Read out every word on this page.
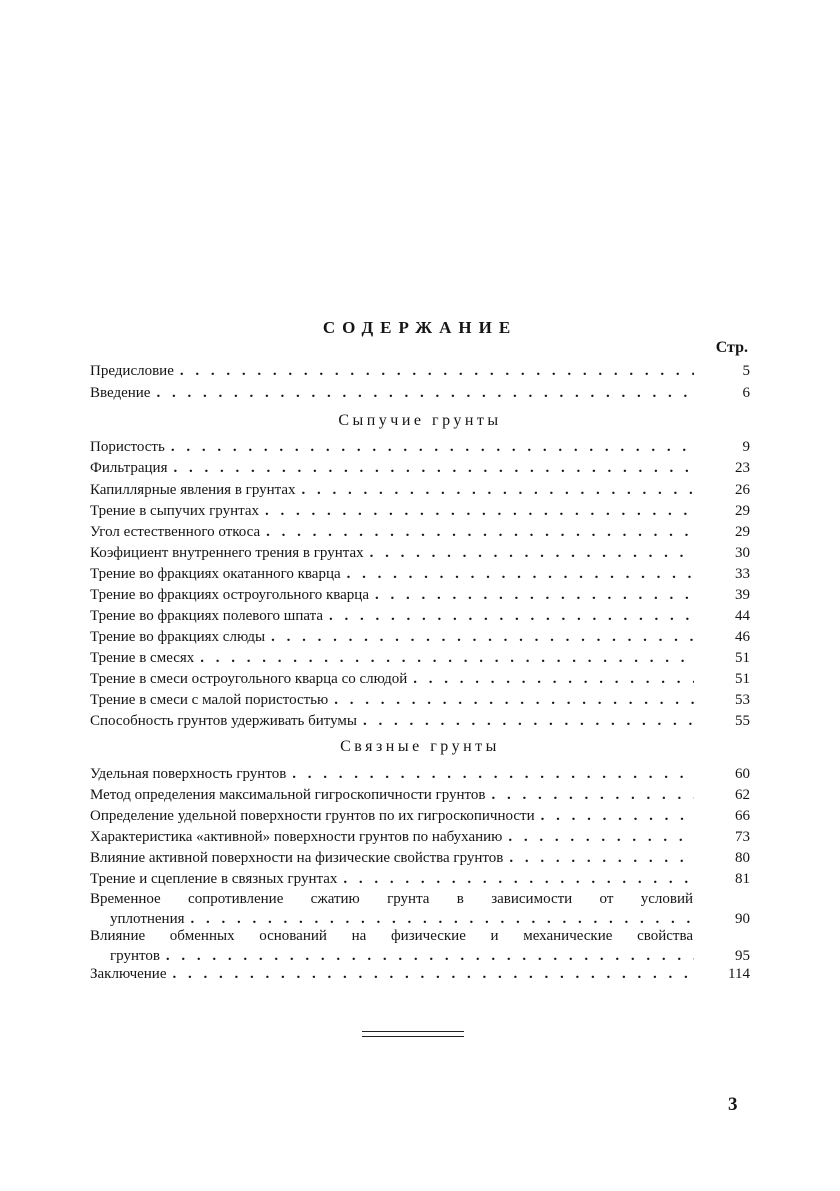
СОДЕРЖАНИЕ
Стр.
Предисловие . . .	5
Введение . . .	6
Сыпучие грунты
Пористость . . .	9
Фильтрация . . .	23
Капиллярные явления в грунтах . . .	26
Трение в сыпучих грунтах . . .	29
Угол естественного откоса . . .	29
Коэфициент внутреннего трения в грунтах . . .	30
Трение во фракциях окатанного кварца . . .	33
Трение во фракциях остроугольного кварца . . .	39
Трение во фракциях полевого шпата . . .	44
Трение во фракциях слюды . . .	46
Трение в смесях . . .	51
Трение в смеси остроугольного кварца со слюдой . . .	51
Трение в смеси с малой пористостью . . .	53
Способность грунтов удерживать битумы . . .	55
Связные грунты
Удельная поверхность грунтов . . .	60
Метод определения максимальной гигроскопичности грунтов . . .	62
Определение удельной поверхности грунтов по их гигроскопичности . . .	66
Характеристика «активной» поверхности грунтов по набуханию . . .	73
Влияние активной поверхности на физические свойства грунтов . . .	80
Трение и сцепление в связных грунтах . . .	81
Временное сопротивление сжатию грунта в зависимости от условий
уплотнения . . .	90
Влияние обменных оснований на физические и механические свойства
грунтов . . .	95
Заключение . . .	114
3
